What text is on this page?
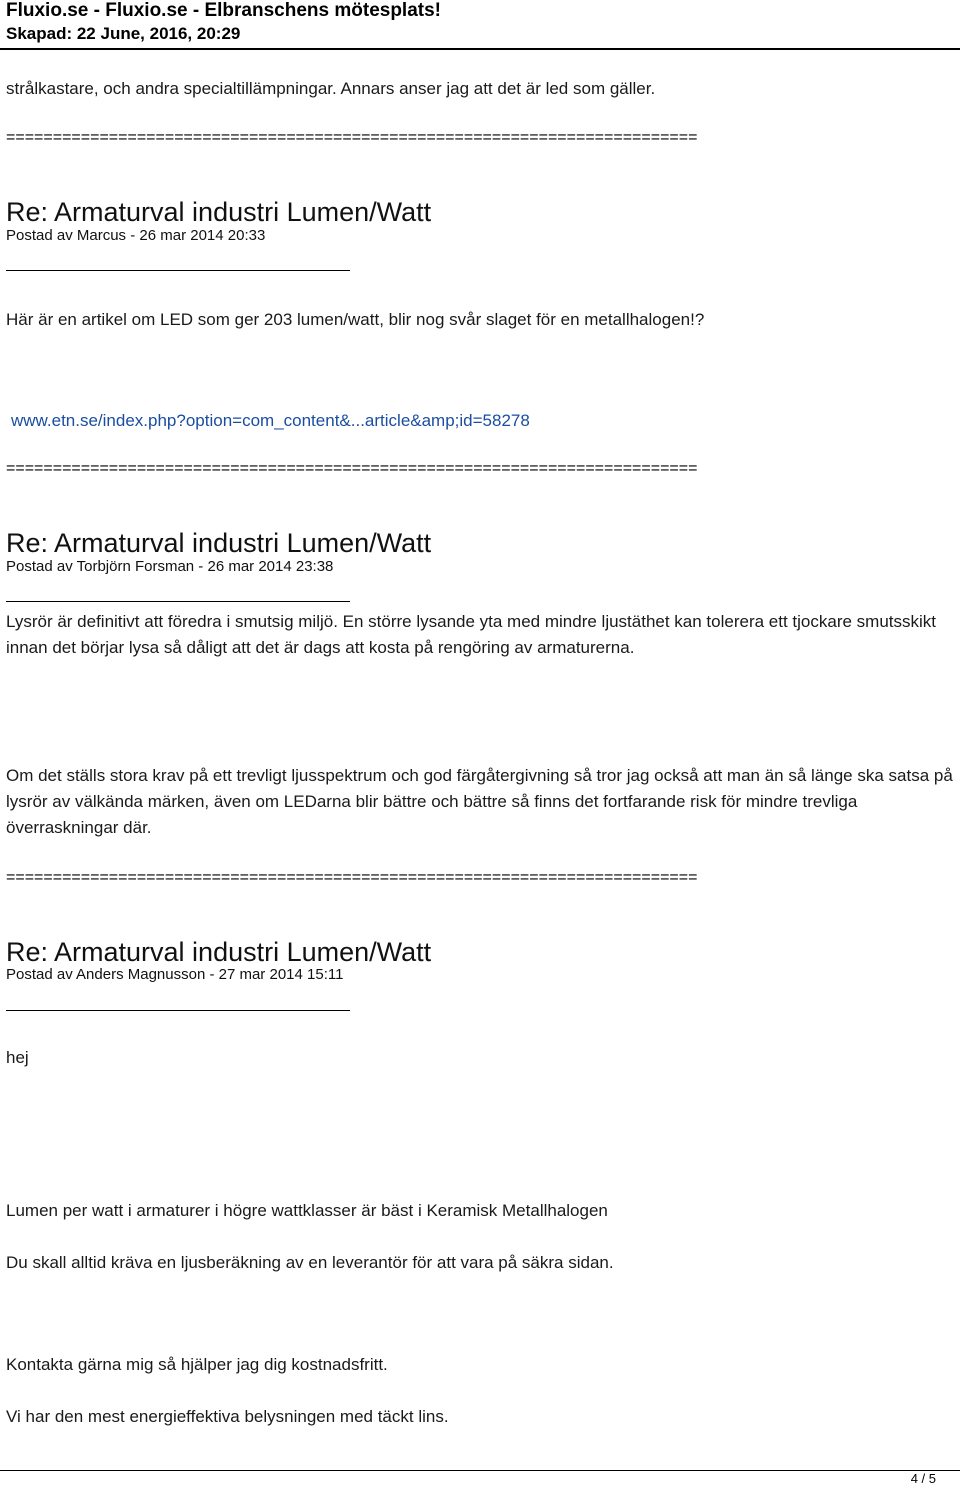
Fluxio.se - Fluxio.se - Elbranschens mötesplats!
Skapad: 22 June, 2016, 20:29
strålkastare, och andra specialtillämpningar. Annars anser jag att det är led som gäller.
==========================================================================
Re: Armaturval industri Lumen/Watt
Postad av Marcus - 26 mar 2014 20:33
Här är en artikel om LED som ger 203 lumen/watt, blir nog svår slaget för en metallhalogen!?
www.etn.se/index.php?option=com_content&...article&amp;id=58278
==========================================================================
Re: Armaturval industri Lumen/Watt
Postad av Torbjörn Forsman - 26 mar 2014 23:38
Lysrör är definitivt att föredra i smutsig miljö. En större lysande yta med mindre ljustäthet kan tolerera ett tjockare smutsskikt innan det börjar lysa så dåligt att det är dags att kosta på rengöring av armaturerna.
Om det ställs stora krav på ett trevligt ljusspektrum och god färgåtergivning så tror jag också att man än så länge ska satsa på lysrör av välkända märken, även om LEDarna blir bättre och bättre så finns det fortfarande risk för mindre trevliga överraskningar där.
==========================================================================
Re: Armaturval industri Lumen/Watt
Postad av Anders Magnusson - 27 mar 2014 15:11
hej
Lumen per watt i armaturer i högre wattklasser är bäst i Keramisk Metallhalogen
Du skall alltid kräva en ljusberäkning av en leverantör för att vara på säkra sidan.
Kontakta gärna mig så hjälper jag dig kostnadsfritt.
Vi har den mest energieffektiva belysningen med täckt lins.
4 / 5
